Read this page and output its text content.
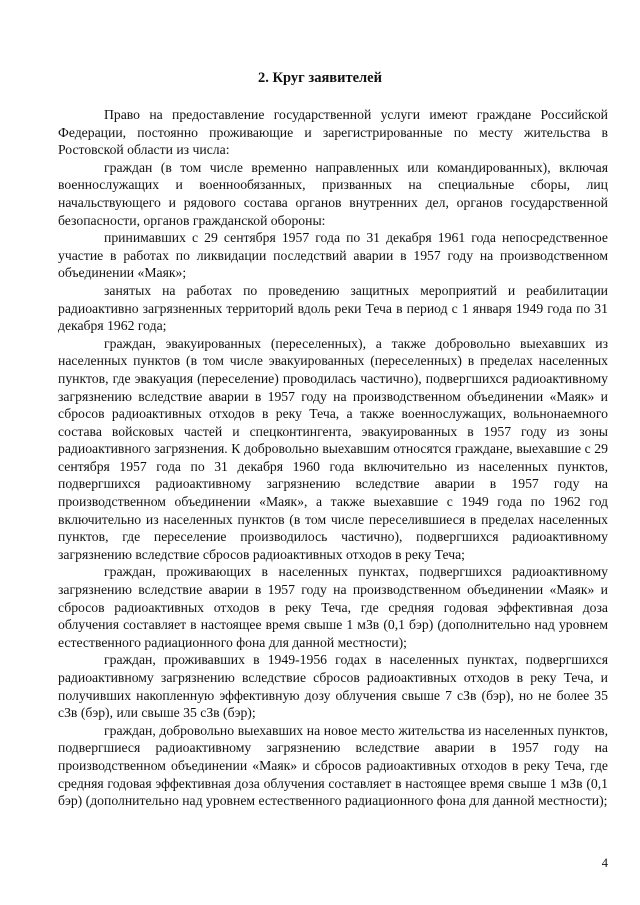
2. Круг заявителей

Право на предоставление государственной услуги имеют граждане Российской Федерации, постоянно проживающие и зарегистрированные по месту жительства в Ростовской области из числа:

граждан (в том числе временно направленных или командированных), включая военнослужащих и военнообязанных, призванных на специальные сборы, лиц начальствующего и рядового состава органов внутренних дел, органов государственной безопасности, органов гражданской обороны:

принимавших с 29 сентября 1957 года по 31 декабря 1961 года непосредственное участие в работах по ликвидации последствий аварии в 1957 году на производственном объединении «Маяк»;

занятых на работах по проведению защитных мероприятий и реабилитации радиоактивно загрязненных территорий вдоль реки Теча в период с 1 января 1949 года по 31 декабря 1962 года;

граждан, эвакуированных (переселенных), а также добровольно выехавших из населенных пунктов (в том числе эвакуированных (переселенных) в пределах населенных пунктов, где эвакуация (переселение) проводилась частично), подвергшихся радиоактивному загрязнению вследствие аварии в 1957 году на производственном объединении «Маяк» и сбросов радиоактивных отходов в реку Теча, а также военнослужащих, вольнонаемного состава войсковых частей и спецконтингента, эвакуированных в 1957 году из зоны радиоактивного загрязнения. К добровольно выехавшим относятся граждане, выехавшие с 29 сентября 1957 года по 31 декабря 1960 года включительно из населенных пунктов, подвергшихся радиоактивному загрязнению вследствие аварии в 1957 году на производственном объединении «Маяк», а также выехавшие с 1949 года по 1962 год включительно из населенных пунктов (в том числе переселившиеся в пределах населенных пунктов, где переселение производилось частично), подвергшихся радиоактивному загрязнению вследствие сбросов радиоактивных отходов в реку Теча;

граждан, проживающих в населенных пунктах, подвергшихся радиоактивному загрязнению вследствие аварии в 1957 году на производственном объединении «Маяк» и сбросов радиоактивных отходов в реку Теча, где средняя годовая эффективная доза облучения составляет в настоящее время свыше 1 мЗв (0,1 бэр) (дополнительно над уровнем естественного радиационного фона для данной местности);

граждан, проживавших в 1949-1956 годах в населенных пунктах, подвергшихся радиоактивному загрязнению вследствие сбросов радиоактивных отходов в реку Теча, и получивших накопленную эффективную дозу облучения свыше 7 сЗв (бэр), но не более 35 сЗв (бэр), или свыше 35 сЗв (бэр);

граждан, добровольно выехавших на новое место жительства из населенных пунктов, подвергшиеся радиоактивному загрязнению вследствие аварии в 1957 году на производственном объединении «Маяк» и сбросов радиоактивных отходов в реку Теча, где средняя годовая эффективная доза облучения составляет в настоящее время свыше 1 мЗв (0,1 бэр) (дополнительно над уровнем естественного радиационного фона для данной местности);

4
